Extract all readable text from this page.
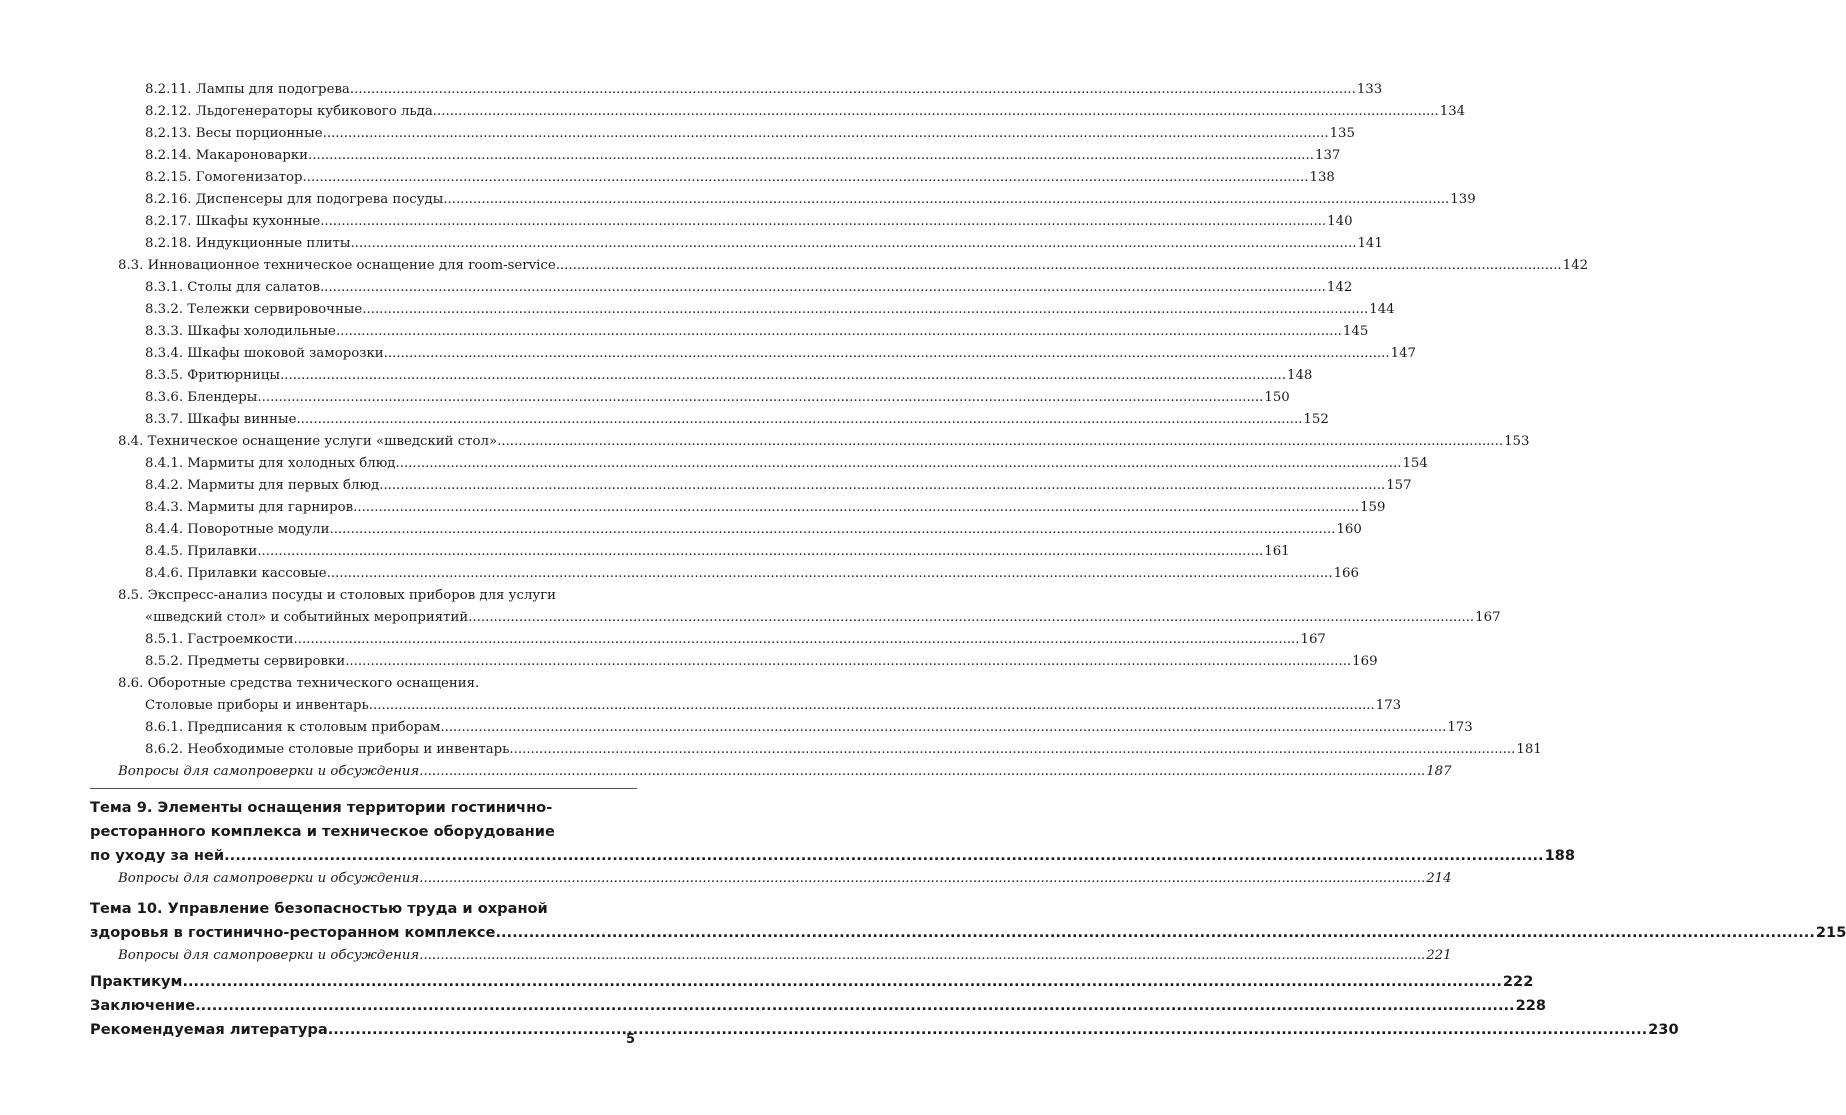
8.2.11. Лампы для подогрева .....	133
8.2.12. Льдогенераторы кубикового льда .....	134
8.2.13. Весы порционные .....	135
8.2.14. Макароноварки .....	137
8.2.15. Гомогенизатор .....	138
8.2.16. Диспенсеры для подогрева посуды .....	139
8.2.17. Шкафы кухонные .....	140
8.2.18. Индукционные плиты .....	141
8.3. Инновационное техническое оснащение для room-service .....	142
8.3.1. Столы для салатов .....	142
8.3.2. Тележки сервировочные .....	144
8.3.3. Шкафы холодильные .....	145
8.3.4. Шкафы шоковой заморозки .....	147
8.3.5. Фритюрницы .....	148
8.3.6. Блендеры .....	150
8.3.7. Шкафы винные .....	152
8.4. Техническое оснащение услуги «шведский стол» .....	153
8.4.1. Мармиты для холодных блюд .....	154
8.4.2. Мармиты для первых блюд .....	157
8.4.3. Мармиты для гарниров .....	159
8.4.4. Поворотные модули .....	160
8.4.5. Прилавки .....	161
8.4.6. Прилавки кассовые .....	166
8.5. Экспресс-анализ посуды и столовых приборов для услуги
«шведский стол» и событийных мероприятий .....	167
8.5.1. Гастроемкости .....	167
8.5.2. Предметы сервировки .....	169
8.6. Оборотные средства технического оснащения.
Столовые приборы и инвентарь .....	173
8.6.1. Предписания к столовым приборам .....	173
8.6.2. Необходимые столовые приборы и инвентарь .....	181
Вопросы для самопроверки и обсуждения .....	187
Тема 9. Элементы оснащения территории гостинично-
ресторанного комплекса и техническое оборудование
по уходу за ней .....	188
Вопросы для самопроверки и обсуждения .....	214
Тема 10. Управление безопасностью труда и охраной
здоровья в гостинично-ресторанном комплексе .....	215
Вопросы для самопроверки и обсуждения .....	221
Практикум .....	222
Заключение .....	228
Рекомендуемая литература .....	230
5
